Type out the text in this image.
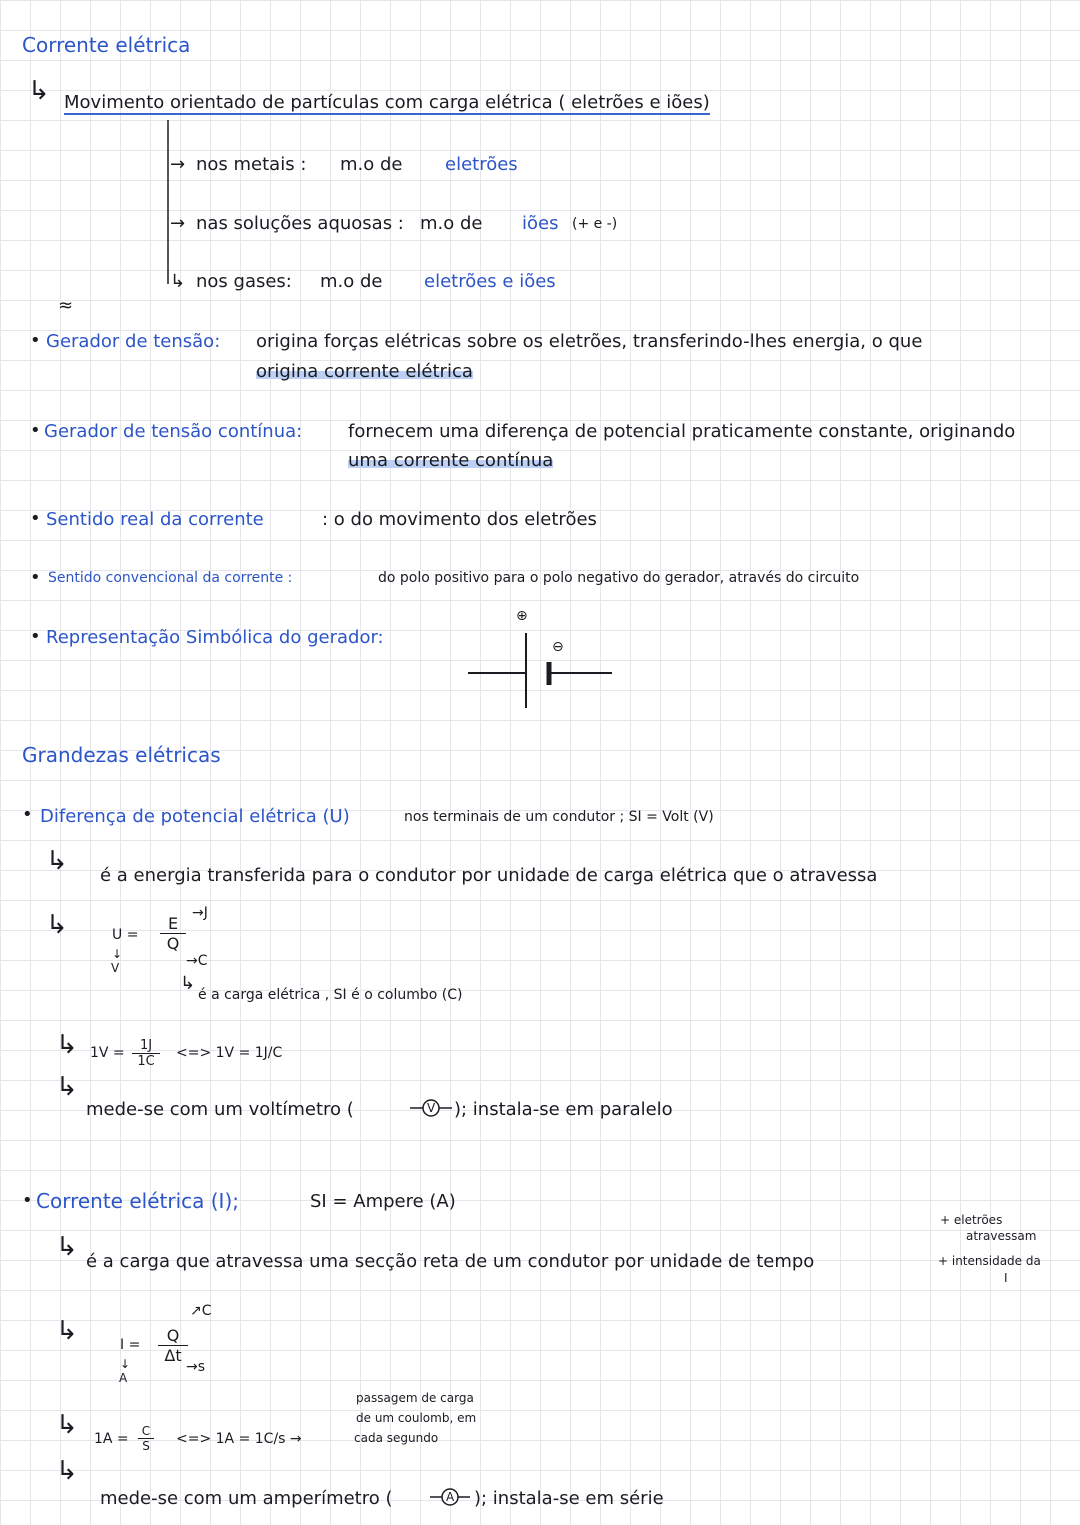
Corrente elétrica
↳ Movimento orientado de partículas com carga elétrica ( eletrões e iões)
→ nos metais : m.o de eletrões
→ nas soluções aquosas : m.o de iões (+ e -)
↳ nos gases: m.o de eletrões e iões
≈
• Gerador de tensão: origina forças elétricas sobre os eletrões, transferindo-lhes energia, o que
origina corrente elétrica
• Gerador de tensão contínua:	fornecem uma diferença de potencial praticamente constante, originando
uma corrente contínua
• Sentido real da corrente	: o do movimento dos eletrões
• Sentido convencional da corrente :	do polo positivo para o polo negativo do gerador, através do circuito
• Representação Simbólica do gerador:
⊕
⊖
Grandezas elétricas
• Diferença de potencial elétrica (U)	nos terminais de um condutor ; SI = Volt (V)
↳ é a energia transferida para o condutor por unidade de carga elétrica que o atravessa
↳	U =
↓
V
$\frac{E}{Q}$
→J
→C
↳
é a carga elétrica , SI é o columbo (C)
↳ $1V = \frac{1J}{1C}$ <=> 1V = 1J/C
↳
mede-se com um voltímetro (	V ); instala-se em paralelo
• Corrente elétrica (I);	SI = Ampere (A)
+ eletrões
atravessam
+ intensidade da
I
↳ é a carga que atravessa uma secção reta de um condutor por unidade de tempo
↳	I =
↓
A
$\frac{Q}{\Delta t}$
↗C
→s
↳ $1A = \frac{C}{S}$ <=> 1A = 1C/s →
passagem de carga
de um coulomb, em
cada segundo
↳
mede-se com um amperímetro (	A ); instala-se em série
